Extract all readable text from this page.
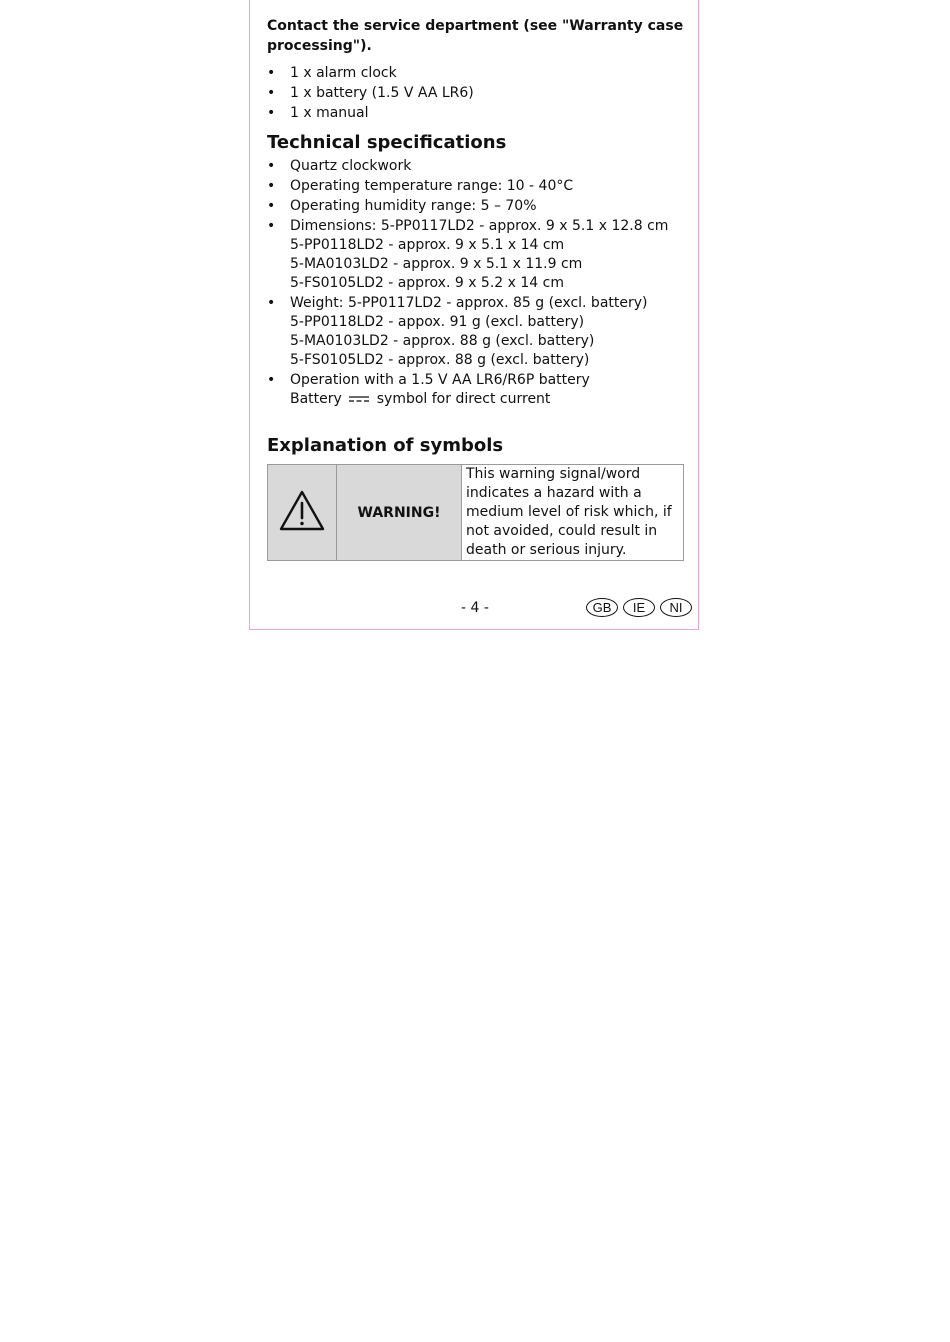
Contact the service department (see "Warranty case processing").

• 1 x alarm clock
• 1 x battery (1.5 V AA LR6)
• 1 x manual
Technical specifications
• Quartz clockwork
• Operating temperature range: 10 - 40°C
• Operating humidity range: 5 – 70%
• Dimensions: 5-PP0117LD2 - approx. 9 x 5.1 x 12.8 cm
5-PP0118LD2 - approx. 9 x 5.1 x 14 cm
5-MA0103LD2 - approx. 9 x 5.1 x 11.9 cm
5-FS0105LD2 - approx. 9 x 5.2 x 14 cm
• Weight: 5-PP0117LD2 - approx. 85 g (excl. battery)
5-PP0118LD2 - appox. 91 g (excl. battery)
5-MA0103LD2 - approx. 88 g (excl. battery)
5-FS0105LD2 - approx. 88 g (excl. battery)
• Operation with a 1.5 V AA LR6/R6P battery
Battery symbol for direct current
Explanation of symbols
	WARNING!	This warning signal/word indicates a hazard with a medium level of risk which, if not avoided, could result in death or serious injury.
- 4 -	GB	IE	NI
